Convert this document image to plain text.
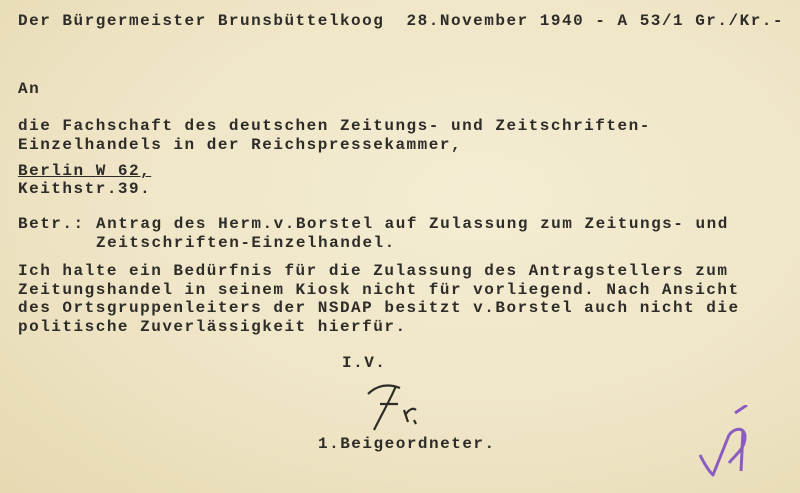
Der Bürgermeister Brunsbüttelkoog  28.November 1940 - A 53/1 Gr./Kr.-
An
die Fachschaft des deutschen Zeitungs- und Zeitschriften-
Einzelhandels in der Reichspressekammer,
Berlin W 62,
Keithstr.39.
Betr.: Antrag des Herm.v.Borstel auf Zulassung zum Zeitungs- und
Zeitschriften-Einzelhandel.
Ich halte ein Bedürfnis für die Zulassung des Antragstellers zum
Zeitungshandel in seinem Kiosk nicht für vorliegend. Nach Ansicht
des Ortsgruppenleiters der NSDAP besitzt v.Borstel auch nicht die
politische Zuverlässigkeit hierfür.
I.V.
1.Beigeordneter.
